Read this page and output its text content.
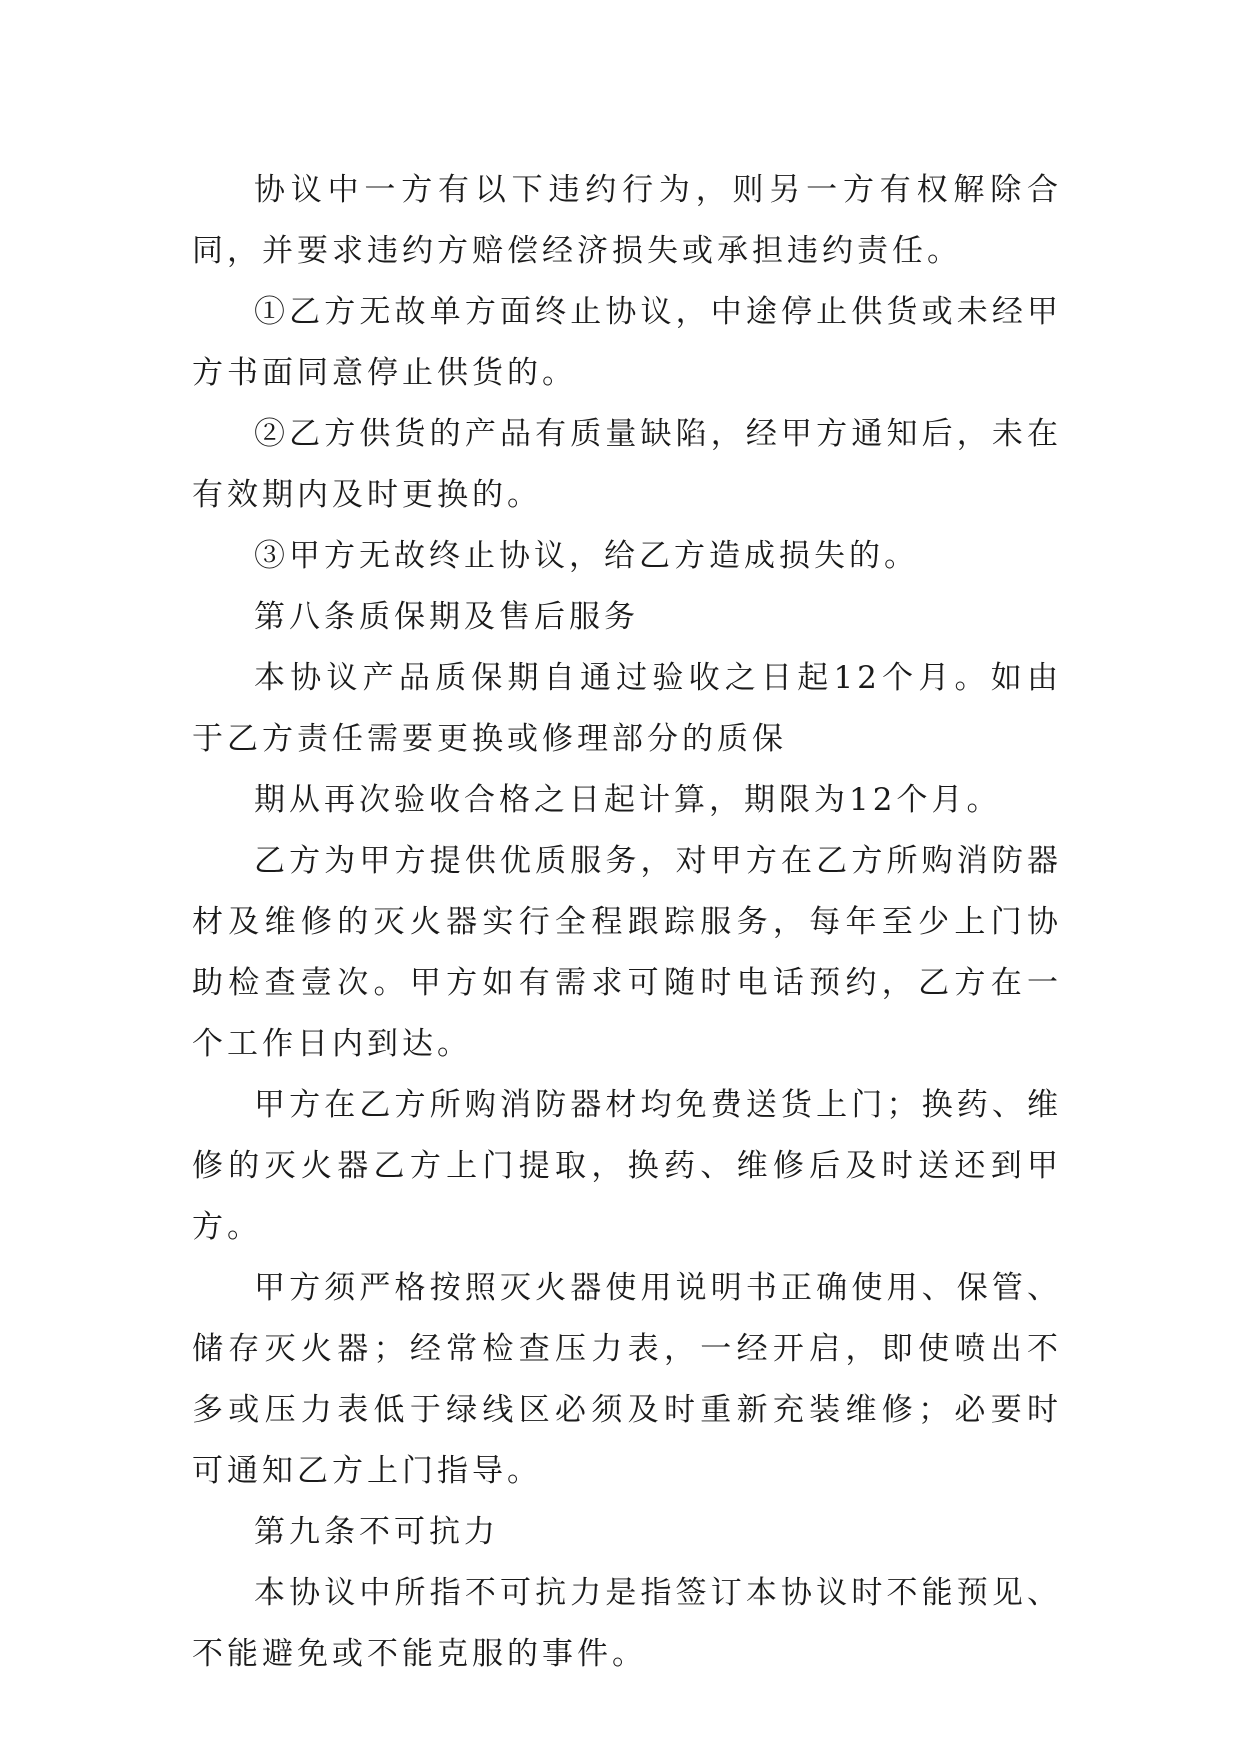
协议中一方有以下违约行为，则另一方有权解除合同，并要求违约方赔偿经济损失或承担违约责任。

①乙方无故单方面终止协议，中途停止供货或未经甲方书面同意停止供货的。

②乙方供货的产品有质量缺陷，经甲方通知后，未在有效期内及时更换的。

③甲方无故终止协议，给乙方造成损失的。

第八条质保期及售后服务

本协议产品质保期自通过验收之日起12个月。如由于乙方责任需要更换或修理部分的质保

期从再次验收合格之日起计算，期限为12个月。

乙方为甲方提供优质服务，对甲方在乙方所购消防器材及维修的灭火器实行全程跟踪服务，每年至少上门协助检查壹次。甲方如有需求可随时电话预约，乙方在一个工作日内到达。

甲方在乙方所购消防器材均免费送货上门；换药、维修的灭火器乙方上门提取，换药、维修后及时送还到甲方。

甲方须严格按照灭火器使用说明书正确使用、保管、储存灭火器；经常检查压力表，一经开启，即使喷出不多或压力表低于绿线区必须及时重新充装维修；必要时可通知乙方上门指导。

第九条不可抗力

本协议中所指不可抗力是指签订本协议时不能预见、不能避免或不能克服的事件。
